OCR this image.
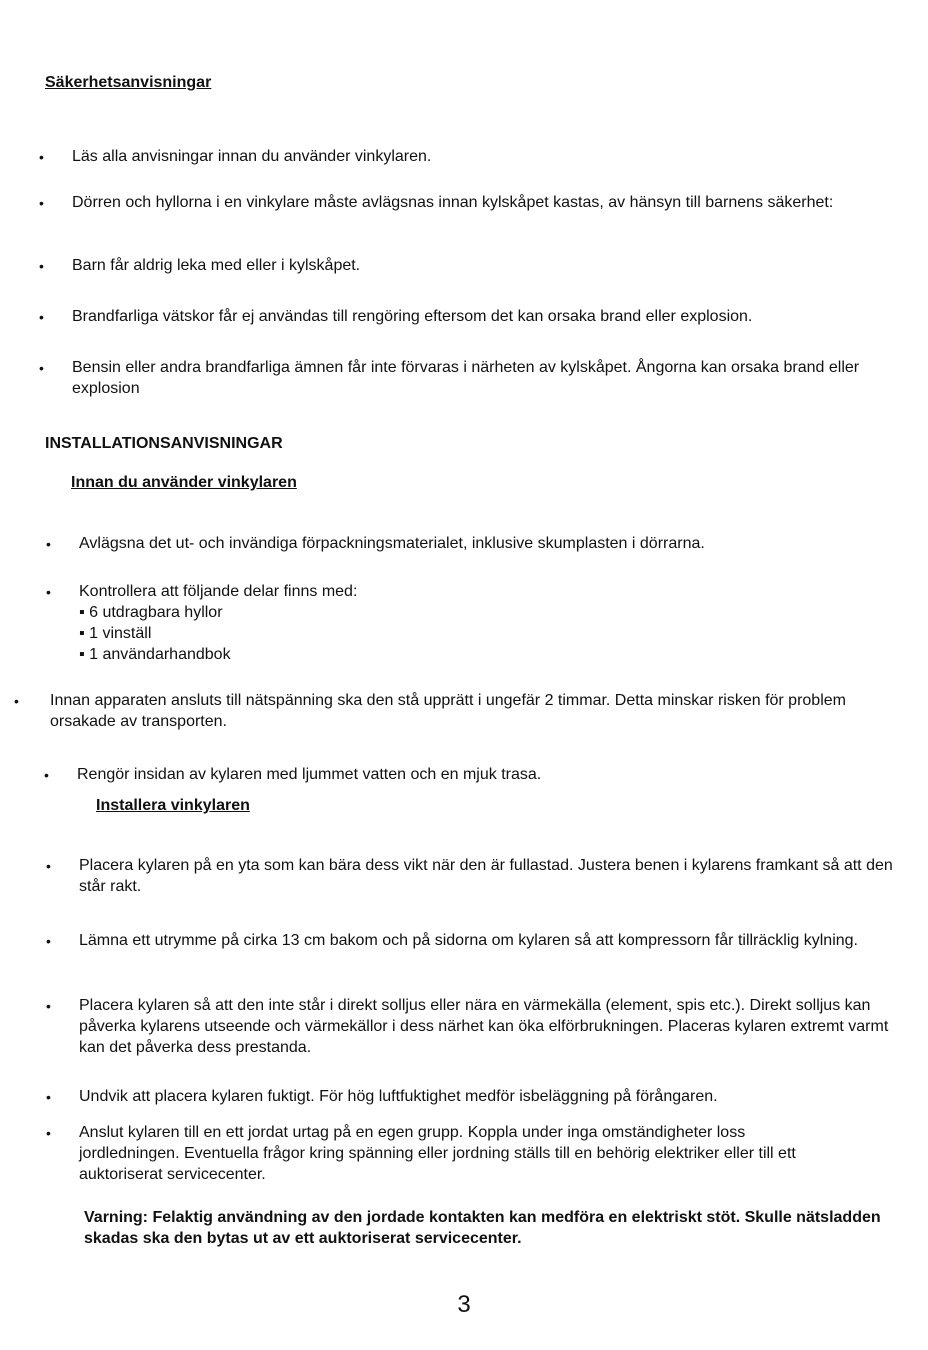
Säkerhetsanvisningar
• Läs alla anvisningar innan du använder vinkylaren.
• Dörren och hyllorna i en vinkylare måste avlägsnas innan kylskåpet kastas, av hänsyn till barnens säkerhet:
• Barn får aldrig leka med eller i kylskåpet.
• Brandfarliga vätskor får ej användas till rengöring eftersom det kan orsaka brand eller explosion.
• Bensin eller andra brandfarliga ämnen får inte förvaras i närheten av kylskåpet. Ångorna kan orsaka brand eller explosion
INSTALLATIONSANVISNINGAR
Innan du använder vinkylaren
• Avlägsna det ut- och invändiga förpackningsmaterialet, inklusive skumplasten i dörrarna.
• Kontrollera att följande delar finns med:

▪ 6 utdragbara hyllor
▪ 1 vinställ
▪ 1 användarhandbok
• Innan apparaten ansluts till nätspänning ska den stå upprätt i ungefär 2 timmar. Detta minskar risken för problem orsakade av transporten.
• Rengör insidan av kylaren med ljummet vatten och en mjuk trasa.
Installera vinkylaren
• Placera kylaren på en yta som kan bära dess vikt när den är fullastad. Justera benen i kylarens framkant så att den står rakt.
• Lämna ett utrymme på cirka 13 cm bakom och på sidorna om kylaren så att kompressorn får tillräcklig kylning.
• Placera kylaren så att den inte står i direkt solljus eller nära en värmekälla (element, spis etc.). Direkt solljus kan påverka kylarens utseende och värmekällor i dess närhet kan öka elförbrukningen. Placeras kylaren extremt varmt kan det påverka dess prestanda.
• Undvik att placera kylaren fuktigt. För hög luftfuktighet medför isbeläggning på förångaren.
• Anslut kylaren till en ett jordat urtag på en egen grupp. Koppla under inga omständigheter loss jordledningen. Eventuella frågor kring spänning eller jordning ställs till en behörig elektriker eller till ett auktoriserat servicecenter.
Varning: Felaktig användning av den jordade kontakten kan medföra en elektriskt stöt. Skulle nätsladden skadas ska den bytas ut av ett auktoriserat servicecenter.
3
